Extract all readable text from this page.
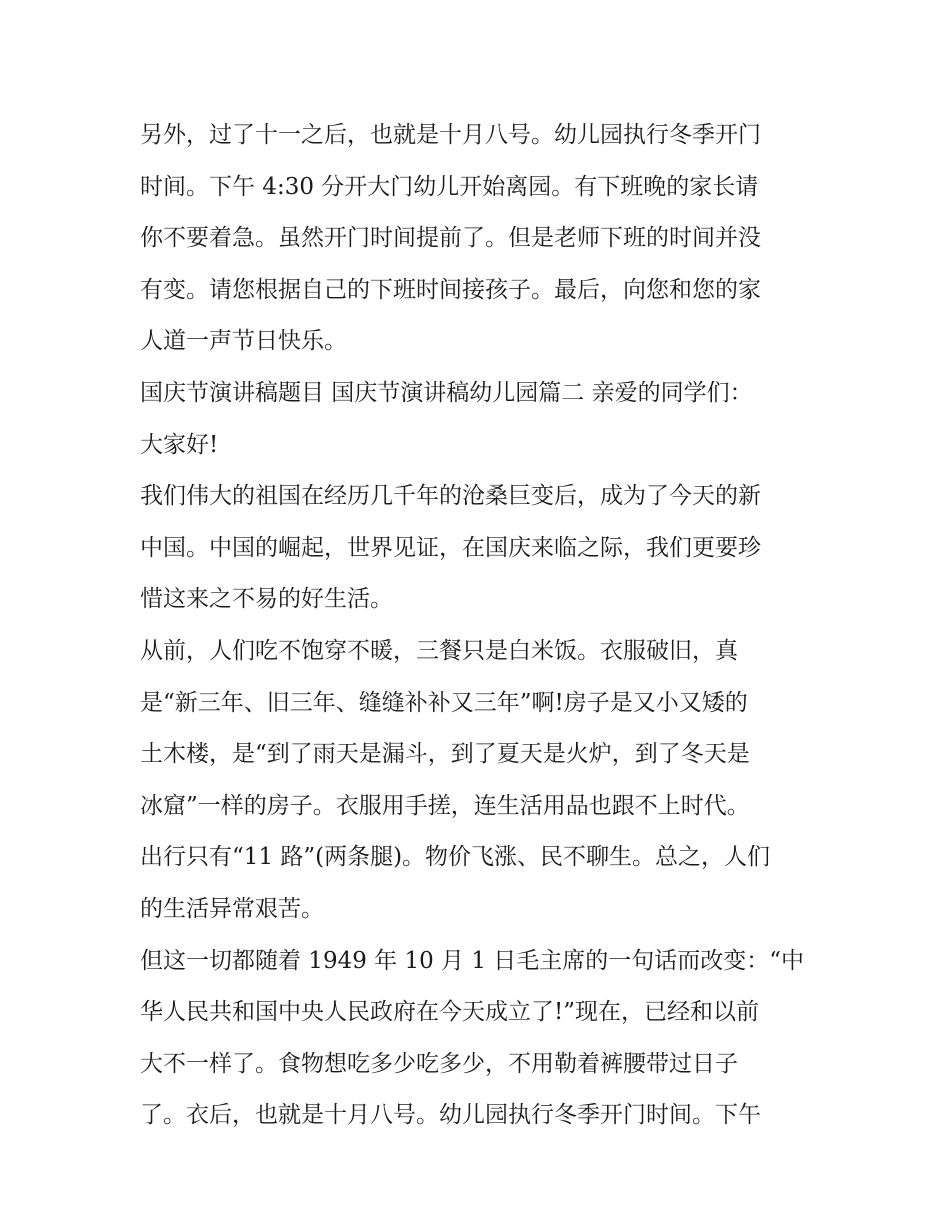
另外，过了十一之后，也就是十月八号。幼儿园执行冬季开门
时间。下午 4:30 分开大门幼儿开始离园。有下班晚的家长请
你不要着急。虽然开门时间提前了。但是老师下班的时间并没
有变。请您根据自己的下班时间接孩子。最后，向您和您的家
人道一声节日快乐。
国庆节演讲稿题目 国庆节演讲稿幼儿园篇二 亲爱的同学们：
大家好!
我们伟大的祖国在经历几千年的沧桑巨变后，成为了今天的新
中国。中国的崛起，世界见证，在国庆来临之际，我们更要珍
惜这来之不易的好生活。
从前，人们吃不饱穿不暖，三餐只是白米饭。衣服破旧，真
是“新三年、旧三年、缝缝补补又三年”啊!房子是又小又矮的
土木楼，是“到了雨天是漏斗，到了夏天是火炉，到了冬天是
冰窟”一样的房子。衣服用手搓，连生活用品也跟不上时代。
出行只有“11 路”(两条腿)。物价飞涨、民不聊生。总之，人们
的生活异常艰苦。
但这一切都随着 1949 年 10 月 1 日毛主席的一句话而改变：“中
华人民共和国中央人民政府在今天成立了!”现在，已经和以前
大不一样了。食物想吃多少吃多少，不用勒着裤腰带过日子
了。衣后，也就是十月八号。幼儿园执行冬季开门时间。下午
